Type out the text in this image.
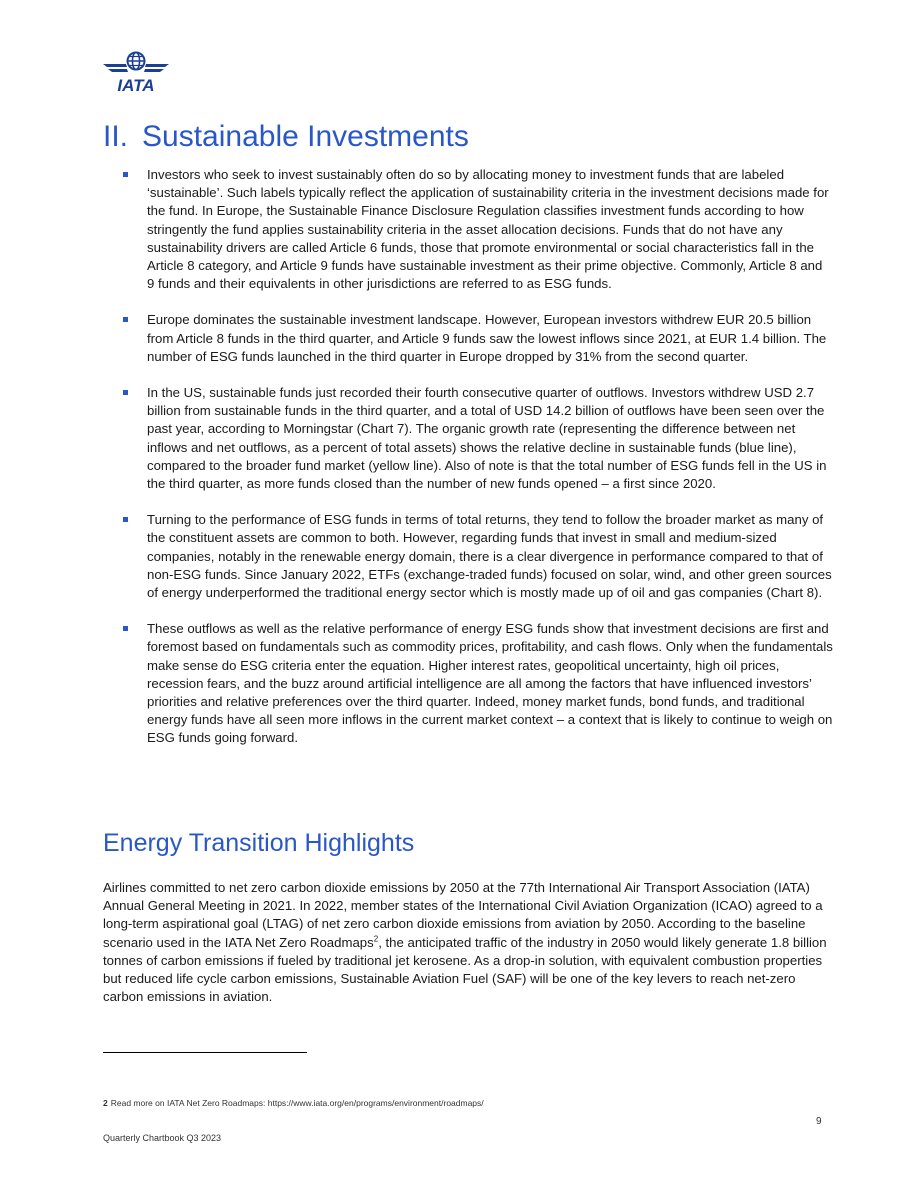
IATA
II. Sustainable Investments
Investors who seek to invest sustainably often do so by allocating money to investment funds that are labeled ‘sustainable’. Such labels typically reflect the application of sustainability criteria in the investment decisions made for the fund. In Europe, the Sustainable Finance Disclosure Regulation classifies investment funds according to how stringently the fund applies sustainability criteria in the asset allocation decisions. Funds that do not have any sustainability drivers are called Article 6 funds, those that promote environmental or social characteristics fall in the Article 8 category, and Article 9 funds have sustainable investment as their prime objective. Commonly, Article 8 and 9 funds and their equivalents in other jurisdictions are referred to as ESG funds.
Europe dominates the sustainable investment landscape. However, European investors withdrew EUR 20.5 billion from Article 8 funds in the third quarter, and Article 9 funds saw the lowest inflows since 2021, at EUR 1.4 billion. The number of ESG funds launched in the third quarter in Europe dropped by 31% from the second quarter.
In the US, sustainable funds just recorded their fourth consecutive quarter of outflows. Investors withdrew USD 2.7 billion from sustainable funds in the third quarter, and a total of USD 14.2 billion of outflows have been seen over the past year, according to Morningstar (Chart 7). The organic growth rate (representing the difference between net inflows and net outflows, as a percent of total assets) shows the relative decline in sustainable funds (blue line), compared to the broader fund market (yellow line). Also of note is that the total number of ESG funds fell in the US in the third quarter, as more funds closed than the number of new funds opened – a first since 2020.
Turning to the performance of ESG funds in terms of total returns, they tend to follow the broader market as many of the constituent assets are common to both. However, regarding funds that invest in small and medium-sized companies, notably in the renewable energy domain, there is a clear divergence in performance compared to that of non-ESG funds. Since January 2022, ETFs (exchange-traded funds) focused on solar, wind, and other green sources of energy underperformed the traditional energy sector which is mostly made up of oil and gas companies (Chart 8).
These outflows as well as the relative performance of energy ESG funds show that investment decisions are first and foremost based on fundamentals such as commodity prices, profitability, and cash flows. Only when the fundamentals make sense do ESG criteria enter the equation. Higher interest rates, geopolitical uncertainty, high oil prices, recession fears, and the buzz around artificial intelligence are all among the factors that have influenced investors’ priorities and relative preferences over the third quarter. Indeed, money market funds, bond funds, and traditional energy funds have all seen more inflows in the current market context – a context that is likely to continue to weigh on ESG funds going forward.
Energy Transition Highlights

Airlines committed to net zero carbon dioxide emissions by 2050 at the 77th International Air Transport Association (IATA) Annual General Meeting in 2021. In 2022, member states of the International Civil Aviation Organization (ICAO) agreed to a long-term aspirational goal (LTAG) of net zero carbon dioxide emissions from aviation by 2050. According to the baseline scenario used in the IATA Net Zero Roadmaps$^2$, the anticipated traffic of the industry in 2050 would likely generate 1.8 billion tonnes of carbon emissions if fueled by traditional jet kerosene. As a drop-in solution, with equivalent combustion properties but reduced life cycle carbon emissions, Sustainable Aviation Fuel (SAF) will be one of the key levers to reach net-zero carbon emissions in aviation.

2 Read more on IATA Net Zero Roadmaps: https://www.iata.org/en/programs/environment/roadmaps/
9
Quarterly Chartbook Q3 2023
